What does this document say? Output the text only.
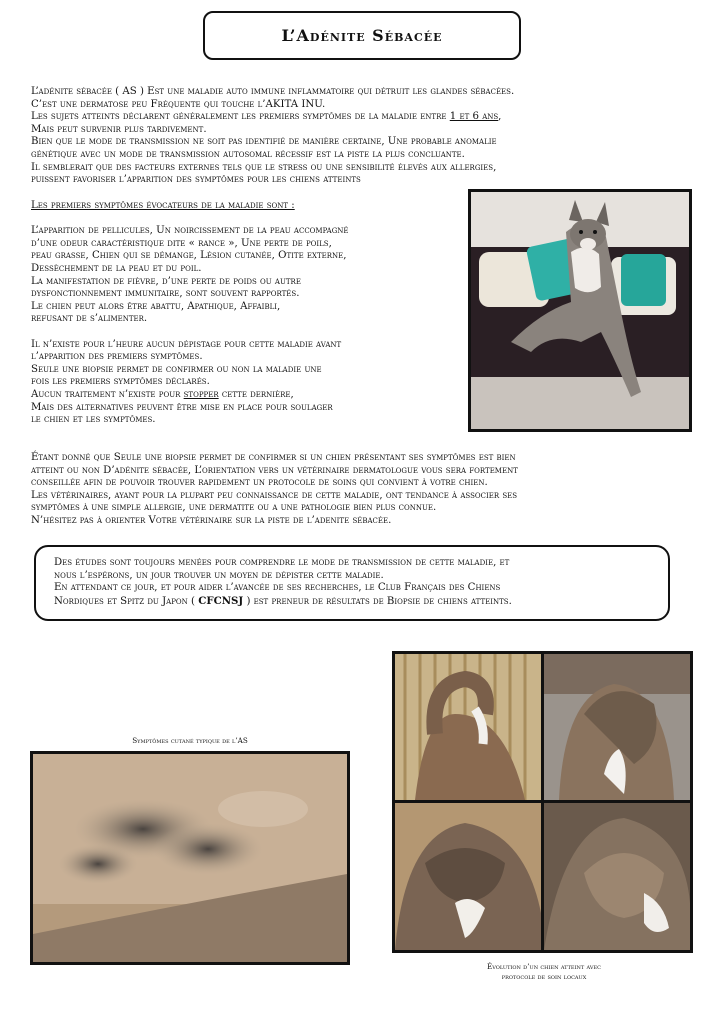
L’Adénite Sébacée
L’adénite sébacée ( AS ) Est une maladie auto immune inflammatoire qui détruit les glandes sébacées.
C’est une dermatose peu Fréquente qui touche l’AKITA INU.
Les sujets atteints déclarent généralement les premiers symptômes de la maladie entre 1 et 6 ans,
Mais peut survenir plus tardivement.
Bien que le mode de transmission ne soit pas identifié de manière certaine, Une probable anomalie
génétique avec un mode de transmission autosomal récessif est la piste la plus concluante.
Il semblerait que des facteurs externes tels que le stress ou une sensibilité élevés aux allergies,
puissent favoriser l’apparition des symptômes pour les chiens atteints
Les premiers symptômes évocateurs de la maladie sont :
L’apparition de pellicules, Un noircissement de la peau accompagné
d’une odeur caractéristique dite « rance », Une perte de poils,
peau grasse, Chien qui se démange, Lésion cutanée, Otite externe,
Dessèchement de la peau et du poil.
La manifestation de fièvre, d’une perte de poids ou autre
dysfonctionnement immunitaire, sont souvent rapportés.
Le chien peut alors être abattu, Apathique, Affaibli,
refusant de s’alimenter.
Il n’existe pour l’heure aucun dépistage pour cette maladie avant
l’apparition des premiers symptômes.
Seule une biopsie permet de confirmer ou non la maladie une
fois les premiers symptômes déclarés.
Aucun traitement n’existe pour stopper cette dernière,
Mais des alternatives peuvent être mise en place pour soulager
le chien et les symptômes.
Étant donné que Seule une biopsie permet de confirmer si un chien présentant ses symptômes est bien
atteint ou non D’adénite sébacée, L’orientation vers un vétérinaire dermatologue vous sera fortement
conseillée afin de pouvoir trouver rapidement un protocole de soins qui convient à votre chien.
Les vétérinaires, ayant pour la plupart peu connaissance de cette maladie, ont tendance à associer ses
symptômes à une simple allergie, une dermatite ou a une pathologie bien plus connue.
N’hésitez pas à orienter Votre vétérinaire sur la piste de l’adenite sébacée.
Des études sont toujours menées pour comprendre le mode de transmission de cette maladie, et
nous l’espérons, un jour trouver un moyen de dépister cette maladie.
En attendant ce jour, et pour aider l’avancée de ses recherches, le Club Français des Chiens
Nordiques et Spitz du Japon ( CFCNSJ ) est preneur de résultats de Biopsie de chiens atteints.
Symptômes cutané typique de l’AS
Évolution d’un chien atteint avec
protocole de soin locaux
